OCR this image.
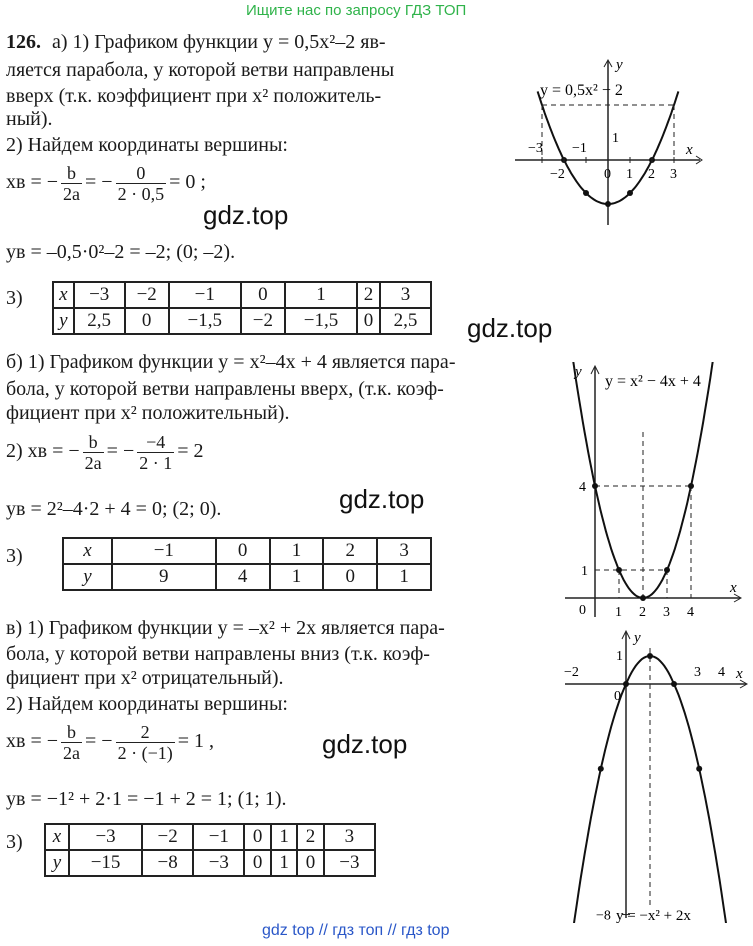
Ищите нас по запросу ГДЗ ТОП
126. а) 1) Графиком функции y = 0,5x²–2 яв-
ляется парабола, у которой ветви направлены
вверх (т.к. коэффициент при x² положитель-
ный).
2) Найдем координаты вершины:
xв = − $\frac{b}{2a}$ = − $\frac{0}{2 \cdot 0,5} = 0$ ;
yв = –0,5·0²–2 = –2; (0; –2).
3) x	−3	−2	−1	0	1	2	3
y	2,5	0	−1,5	−2	−1,5	0	2,5
y
x
y = 0,5x² − 2
−3
−2
−1
0 1 2 3
1
б) 1) Графиком функции y = x²–4x + 4 является пара-
бола, у которой ветви направлены вверх, (т.к. коэф-
фициент при x² положительный).
2) xв = − $\frac{b}{2a}$ = − $\frac{-4}{2 \cdot 1} = 2$
yв = 2²–4·2 + 4 = 0; (2; 0).
3)	x	−1	0	1	2	3
y	9	4	1	0	1
y
x
y = x² − 4x + 4
4
1
0 1 2 3 4
в) 1) Графиком функции y = –x² + 2x является пара-
бола, у которой ветви направлены вниз (т.к. коэф-
фициент при x² отрицательный).
2) Найдем координаты вершины:
xв = − $\frac{b}{2a}$ = − $\frac{2}{2 \cdot (-1)} = 1$ ,
yв = −1² + 2·1 = −1 + 2 = 1; (1; 1).
3) x	−3	−2	−1	0	1	2	3
y	−15	−8	−3	0	1	0	−3
y
x
−8
1
−2
0
3 4
y = −x² + 2x
gdz.top
gdz.top
gdz.top
gdz.top
gdz top // гдз топ // гдз top
